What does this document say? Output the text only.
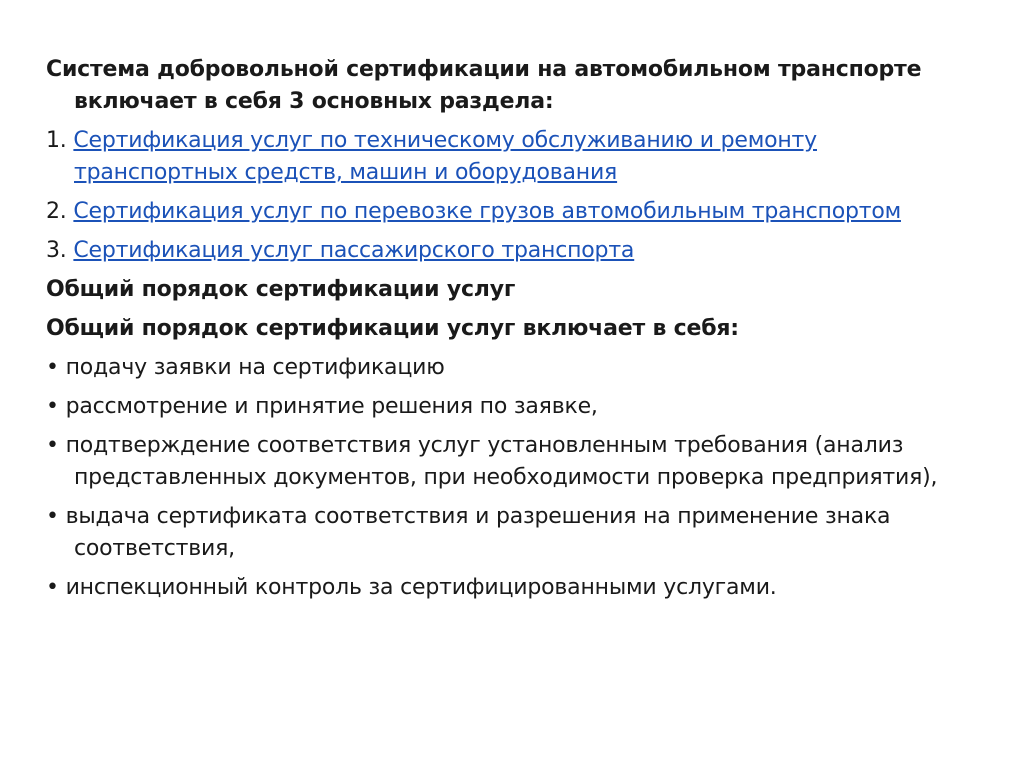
Система добровольной сертификации на автомобильном транспорте включает в себя 3 основных раздела:

1. Сертификация услуг по техническому обслуживанию и ремонту транспортных средств, машин и оборудования

2. Сертификация услуг по перевозке грузов автомобильным транспортом

3. Сертификация услуг пассажирского транспорта

Общий порядок сертификации услуг

Общий порядок сертификации услуг включает в себя:

• подачу заявки на сертификацию

• рассмотрение и принятие решения по заявке,

• подтверждение соответствия услуг установленным требования (анализ представленных документов, при необходимости проверка предприятия),

• выдача сертификата соответствия и разрешения на применение знака соответствия,

• инспекционный контроль за сертифицированными услугами.
